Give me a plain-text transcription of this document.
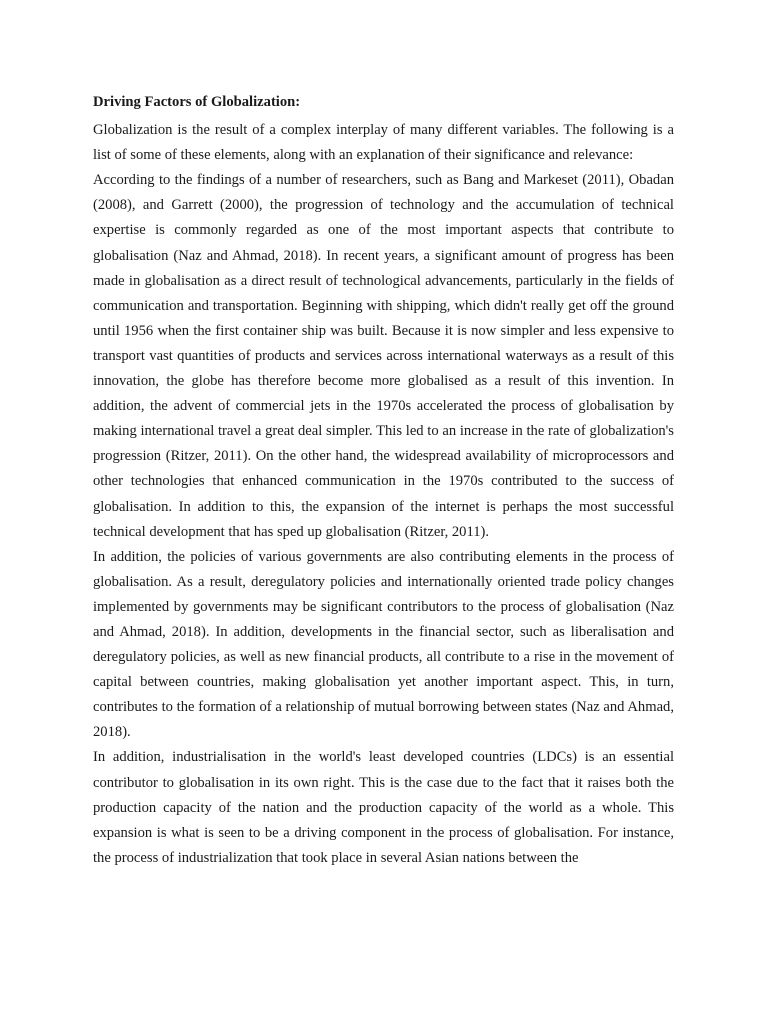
Driving Factors of Globalization:

Globalization is the result of a complex interplay of many different variables. The following is a list of some of these elements, along with an explanation of their significance and relevance:

According to the findings of a number of researchers, such as Bang and Markeset (2011), Obadan (2008), and Garrett (2000), the progression of technology and the accumulation of technical expertise is commonly regarded as one of the most important aspects that contribute to globalisation (Naz and Ahmad, 2018). In recent years, a significant amount of progress has been made in globalisation as a direct result of technological advancements, particularly in the fields of communication and transportation. Beginning with shipping, which didn't really get off the ground until 1956 when the first container ship was built. Because it is now simpler and less expensive to transport vast quantities of products and services across international waterways as a result of this innovation, the globe has therefore become more globalised as a result of this invention. In addition, the advent of commercial jets in the 1970s accelerated the process of globalisation by making international travel a great deal simpler. This led to an increase in the rate of globalization's progression (Ritzer, 2011). On the other hand, the widespread availability of microprocessors and other technologies that enhanced communication in the 1970s contributed to the success of globalisation. In addition to this, the expansion of the internet is perhaps the most successful technical development that has sped up globalisation (Ritzer, 2011).

In addition, the policies of various governments are also contributing elements in the process of globalisation. As a result, deregulatory policies and internationally oriented trade policy changes implemented by governments may be significant contributors to the process of globalisation (Naz and Ahmad, 2018). In addition, developments in the financial sector, such as liberalisation and deregulatory policies, as well as new financial products, all contribute to a rise in the movement of capital between countries, making globalisation yet another important aspect. This, in turn, contributes to the formation of a relationship of mutual borrowing between states (Naz and Ahmad, 2018).

In addition, industrialisation in the world's least developed countries (LDCs) is an essential contributor to globalisation in its own right. This is the case due to the fact that it raises both the production capacity of the nation and the production capacity of the world as a whole. This expansion is what is seen to be a driving component in the process of globalisation. For instance, the process of industrialization that took place in several Asian nations between the
